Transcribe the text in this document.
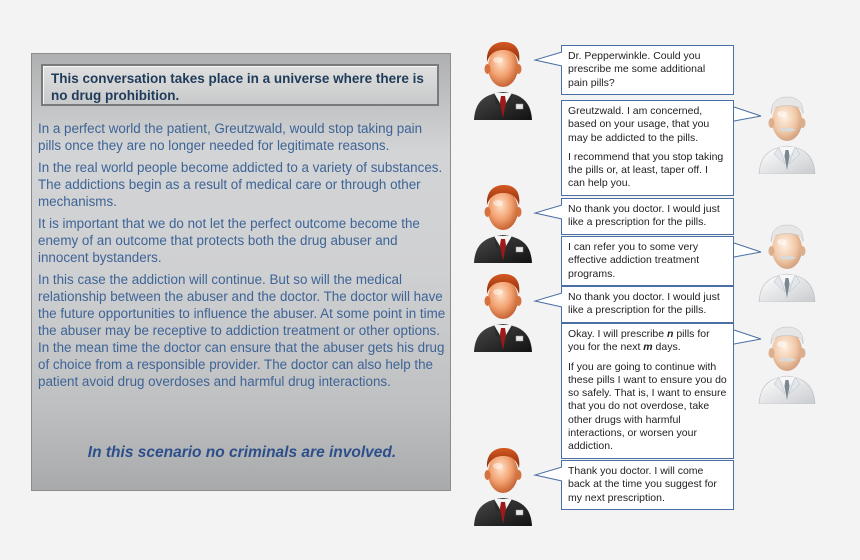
This conversation takes place in a universe where there is no drug prohibition.

In a perfect world the patient, Greutzwald, would stop taking pain pills once they are no longer needed for legitimate reasons.

In the real world people become addicted to a variety of substances. The addictions begin as a result of medical care or through other mechanisms.

It is important that we do not let the perfect outcome become the enemy of an outcome that protects both the drug abuser and innocent bystanders.

In this case the addiction will continue. But so will the medical relationship between the abuser and the doctor. The doctor will have the future opportunities to influence the abuser. At some point in time the abuser may be receptive to addiction treatment or other options. In the mean time the doctor can ensure that the abuser gets his drug of choice from a responsible provider. The doctor can also help the patient avoid drug overdoses and harmful drug interactions.

In this scenario no criminals are involved.

Dr. Pepperwinkle. Could you prescribe me some additional pain pills?

Greutzwald. I am concerned, based on your usage, that you may be addicted to the pills.

I recommend that you stop taking the pills or, at least, taper off. I can help you.

No thank you doctor. I would just like a prescription for the pills.

I can refer you to some very effective addiction treatment programs.

No thank you doctor. I would just like a prescription for the pills.

Okay. I will prescribe n pills for you for the next m days.

If you are going to continue with these pills I want to ensure you do so safely. That is, I want to ensure that you do not overdose, take other drugs with harmful interactions, or worsen your addiction.

Thank you doctor. I will come back at the time you suggest for my next prescription.
